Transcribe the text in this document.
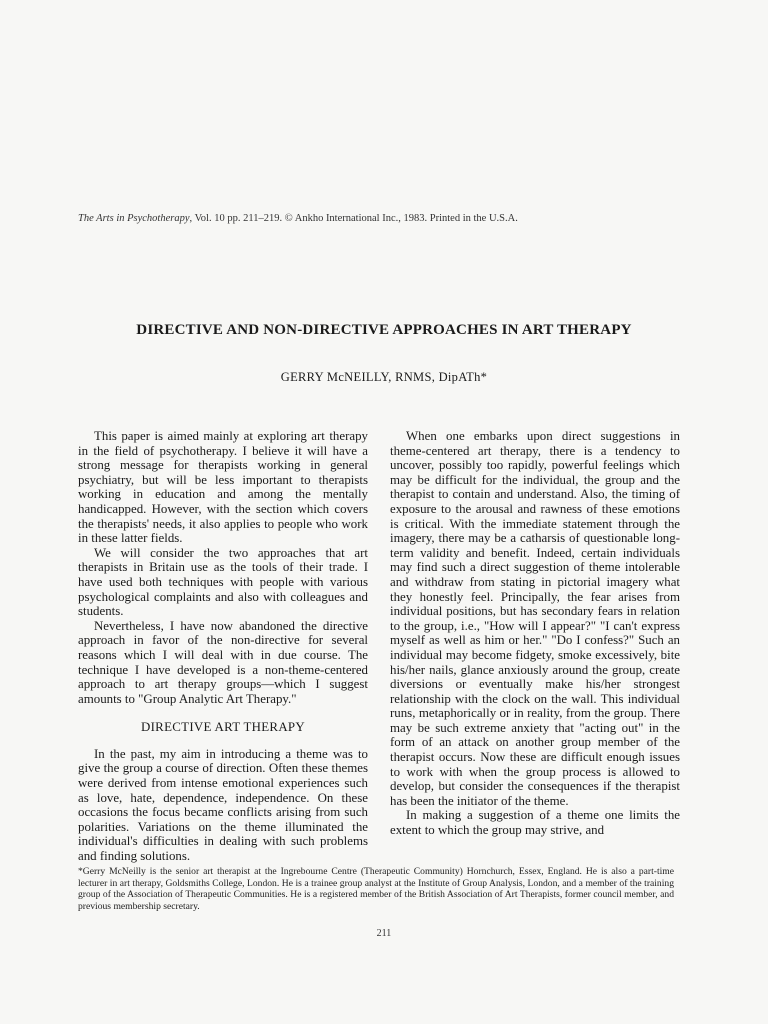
The Arts in Psychotherapy, Vol. 10 pp. 211–219. © Ankho International Inc., 1983. Printed in the U.S.A.
DIRECTIVE AND NON-DIRECTIVE APPROACHES IN ART THERAPY
GERRY McNEILLY, RNMS, DipATh*

This paper is aimed mainly at exploring art therapy in the field of psychotherapy. I believe it will have a strong message for therapists working in general psychiatry, but will be less important to therapists working in education and among the mentally handicapped. However, with the section which covers the therapists' needs, it also applies to people who work in these latter fields.

We will consider the two approaches that art therapists in Britain use as the tools of their trade. I have used both techniques with people with various psychological complaints and also with colleagues and students.

Nevertheless, I have now abandoned the directive approach in favor of the non-directive for several reasons which I will deal with in due course. The technique I have developed is a non-theme-centered approach to art therapy groups—which I suggest amounts to "Group Analytic Art Therapy."

DIRECTIVE ART THERAPY

In the past, my aim in introducing a theme was to give the group a course of direction. Often these themes were derived from intense emotional experiences such as love, hate, dependence, independence. On these occasions the focus became conflicts arising from such polarities. Variations on the theme illuminated the individual's difficulties in dealing with such problems and finding solutions.

When one embarks upon direct suggestions in theme-centered art therapy, there is a tendency to uncover, possibly too rapidly, powerful feelings which may be difficult for the individual, the group and the therapist to contain and understand. Also, the timing of exposure to the arousal and rawness of these emotions is critical. With the immediate statement through the imagery, there may be a catharsis of questionable long-term validity and benefit. Indeed, certain individuals may find such a direct suggestion of theme intolerable and withdraw from stating in pictorial imagery what they honestly feel. Principally, the fear arises from individual positions, but has secondary fears in relation to the group, i.e., "How will I appear?" "I can't express myself as well as him or her." "Do I confess?" Such an individual may become fidgety, smoke excessively, bite his/her nails, glance anxiously around the group, create diversions or eventually make his/her strongest relationship with the clock on the wall. This individual runs, metaphorically or in reality, from the group. There may be such extreme anxiety that "acting out" in the form of an attack on another group member of the therapist occurs. Now these are difficult enough issues to work with when the group process is allowed to develop, but consider the consequences if the therapist has been the initiator of the theme.

In making a suggestion of a theme one limits the extent to which the group may strive, and

*Gerry McNeilly is the senior art therapist at the Ingrebourne Centre (Therapeutic Community) Hornchurch, Essex, England. He is also a part-time lecturer in art therapy, Goldsmiths College, London. He is a trainee group analyst at the Institute of Group Analysis, London, and a member of the training group of the Association of Therapeutic Communities. He is a registered member of the British Association of Art Therapists, former council member, and previous membership secretary.

211
